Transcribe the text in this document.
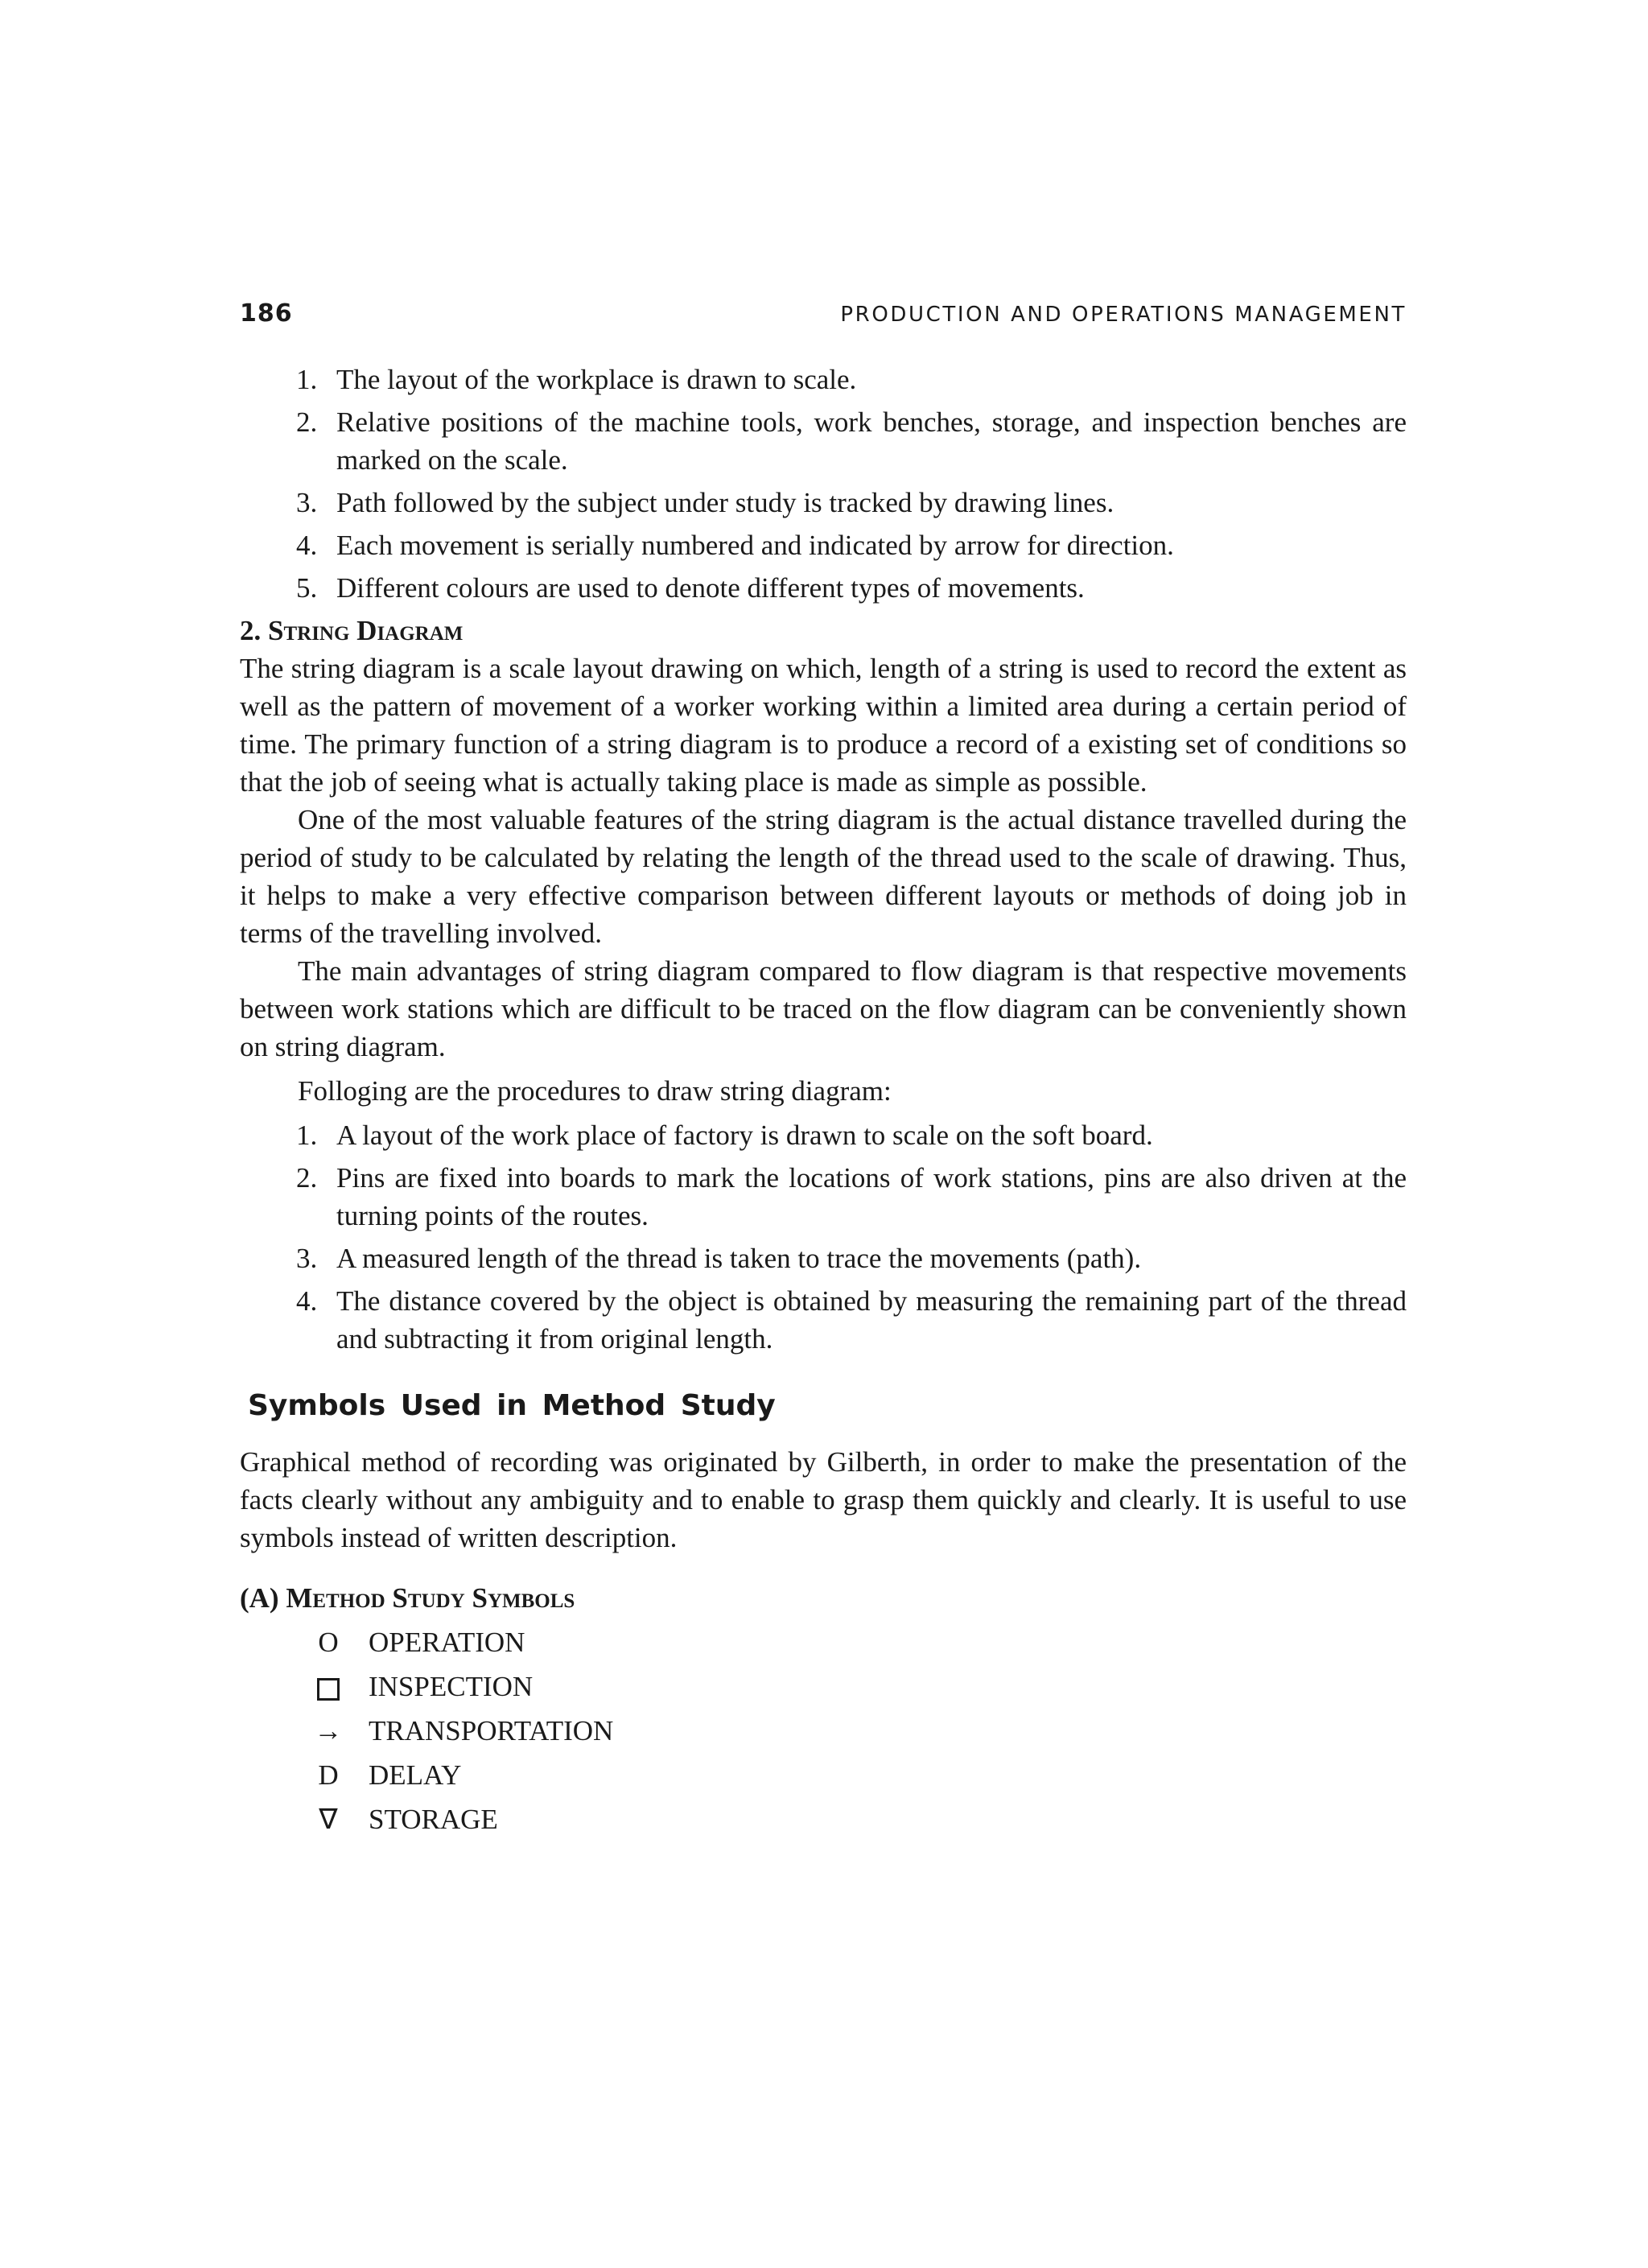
186	PRODUCTION AND OPERATIONS MANAGEMENT
1. The layout of the workplace is drawn to scale.
2. Relative positions of the machine tools, work benches, storage, and inspection benches are marked on the scale.
3. Path followed by the subject under study is tracked by drawing lines.
4. Each movement is serially numbered and indicated by arrow for direction.
5. Different colours are used to denote different types of movements.
2. String Diagram

The string diagram is a scale layout drawing on which, length of a string is used to record the extent as well as the pattern of movement of a worker working within a limited area during a certain period of time. The primary function of a string diagram is to produce a record of a existing set of conditions so that the job of seeing what is actually taking place is made as simple as possible.

One of the most valuable features of the string diagram is the actual distance travelled during the period of study to be calculated by relating the length of the thread used to the scale of drawing. Thus, it helps to make a very effective comparison between different layouts or methods of doing job in terms of the travelling involved.

The main advantages of string diagram compared to flow diagram is that respective movements between work stations which are difficult to be traced on the flow diagram can be conveniently shown on string diagram.

Folloging are the procedures to draw string diagram:

1. A layout of the work place of factory is drawn to scale on the soft board.
2. Pins are fixed into boards to mark the locations of work stations, pins are also driven at the turning points of the routes.
3. A measured length of the thread is taken to trace the movements (path).
4. The distance covered by the object is obtained by measuring the remaining part of the thread and subtracting it from original length.
Symbols Used in Method Study

Graphical method of recording was originated by Gilberth, in order to make the presentation of the facts clearly without any ambiguity and to enable to grasp them quickly and clearly. It is useful to use symbols instead of written description.

(A) Method Study Symbols
O OPERATION
INSPECTION
→ TRANSPORTATION
D DELAY
∇ STORAGE
